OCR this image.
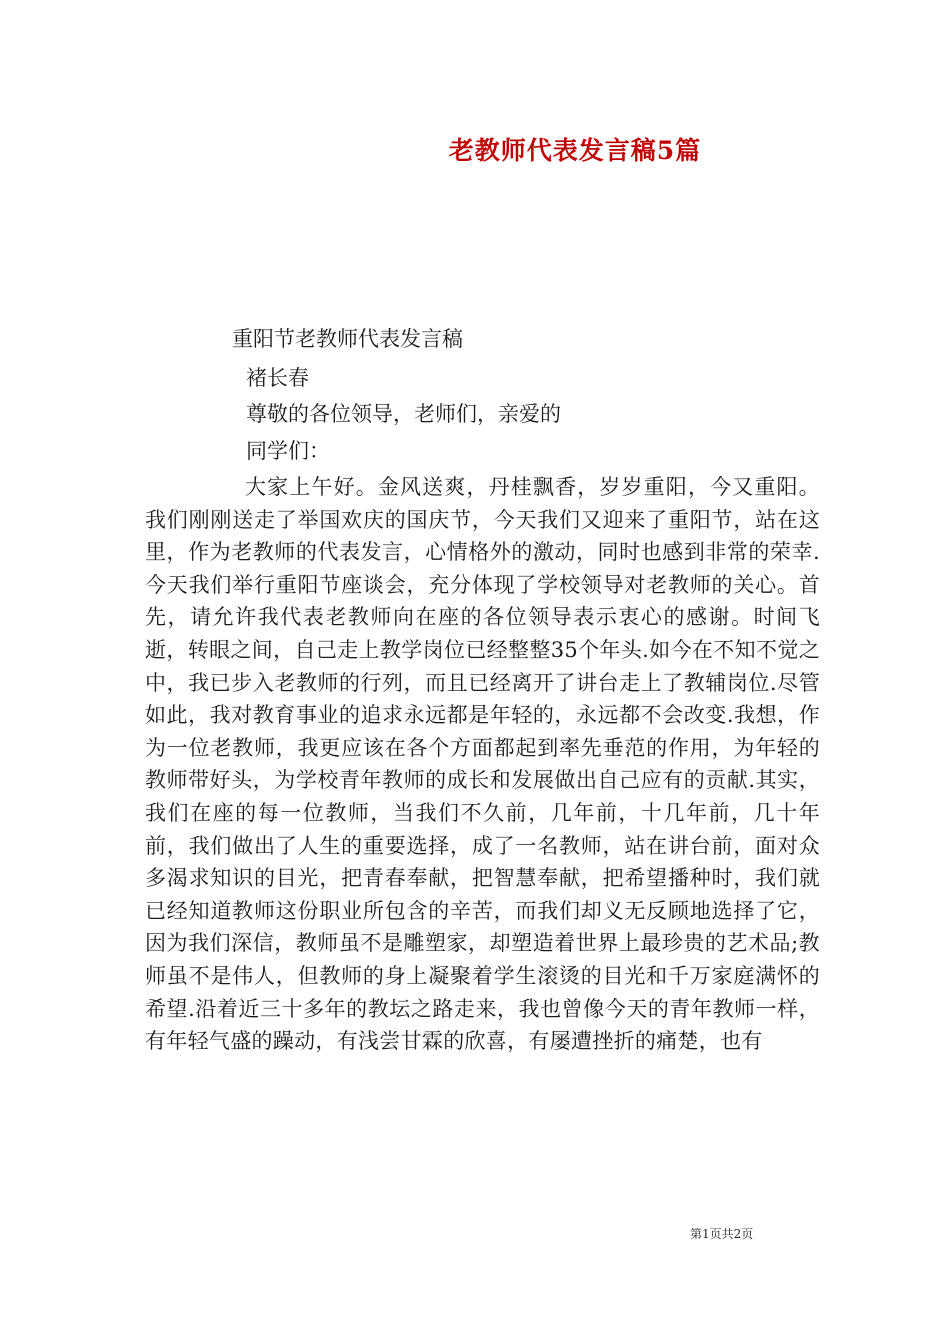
老教师代表发言稿5篇
重阳节老教师代表发言稿
褚长春
尊敬的各位领导，老师们，亲爱的
同学们：
大家上午好。金风送爽，丹桂飘香，岁岁重阳，今又重阳。我们刚刚送走了举国欢庆的国庆节，今天我们又迎来了重阳节，站在这里，作为老教师的代表发言，心情格外的激动，同时也感到非常的荣幸.今天我们举行重阳节座谈会，充分体现了学校领导对老教师的关心。首先，请允许我代表老教师向在座的各位领导表示衷心的感谢。时间飞逝，转眼之间，自己走上教学岗位已经整整35个年头.如今在不知不觉之中，我已步入老教师的行列，而且已经离开了讲台走上了教辅岗位.尽管如此，我对教育事业的追求永远都是年轻的，永远都不会改变.我想，作为一位老教师，我更应该在各个方面都起到率先垂范的作用，为年轻的教师带好头，为学校青年教师的成长和发展做出自己应有的贡献.其实，我们在座的每一位教师，当我们不久前，几年前，十几年前，几十年前，我们做出了人生的重要选择，成了一名教师，站在讲台前，面对众多渴求知识的目光，把青春奉献，把智慧奉献，把希望播种时，我们就已经知道教师这份职业所包含的辛苦，而我们却义无反顾地选择了它，因为我们深信，教师虽不是雕塑家，却塑造着世界上最珍贵的艺术品;教师虽不是伟人，但教师的身上凝聚着学生滚烫的目光和千万家庭满怀的希望.沿着近三十多年的教坛之路走来，我也曾像今天的青年教师一样，有年轻气盛的躁动，有浅尝甘霖的欣喜，有屡遭挫折的痛楚，也有
第1页共2页
